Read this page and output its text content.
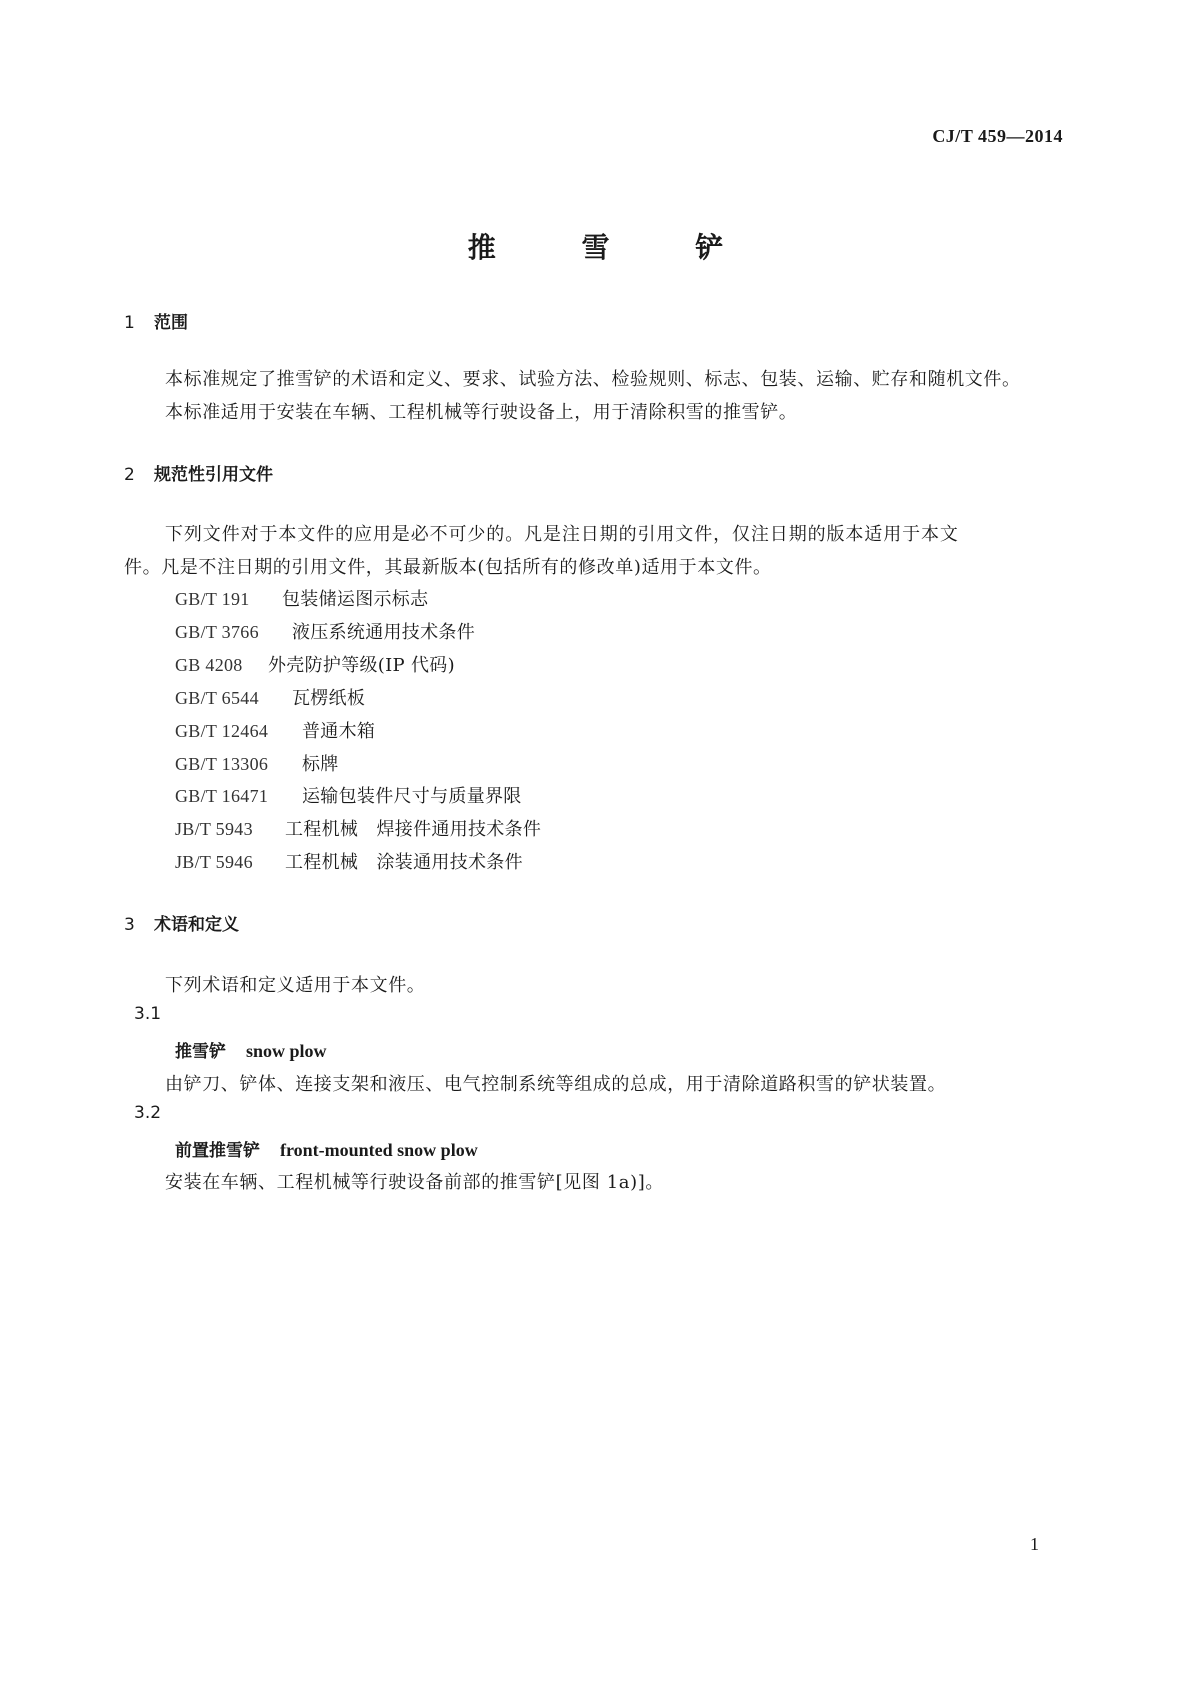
CJ/T 459—2014
推 雪 铲
1 范围
本标准规定了推雪铲的术语和定义、要求、试验方法、检验规则、标志、包装、运输、贮存和随机文件。
本标准适用于安装在车辆、工程机械等行驶设备上，用于清除积雪的推雪铲。
2 规范性引用文件
下列文件对于本文件的应用是必不可少的。凡是注日期的引用文件，仅注日期的版本适用于本文
件。凡是不注日期的引用文件，其最新版本(包括所有的修改单)适用于本文件。
GB/T 191 包装储运图示标志
GB/T 3766 液压系统通用技术条件
GB 4208 外壳防护等级(IP 代码)
GB/T 6544 瓦楞纸板
GB/T 12464 普通木箱
GB/T 13306 标牌
GB/T 16471 运输包装件尺寸与质量界限
JB/T 5943 工程机械　焊接件通用技术条件
JB/T 5946 工程机械　涂装通用技术条件
3 术语和定义
下列术语和定义适用于本文件。
3.1
推雪铲 snow plow
由铲刀、铲体、连接支架和液压、电气控制系统等组成的总成，用于清除道路积雪的铲状装置。
3.2
前置推雪铲 front-mounted snow plow
安装在车辆、工程机械等行驶设备前部的推雪铲[见图 1a)]。
1
